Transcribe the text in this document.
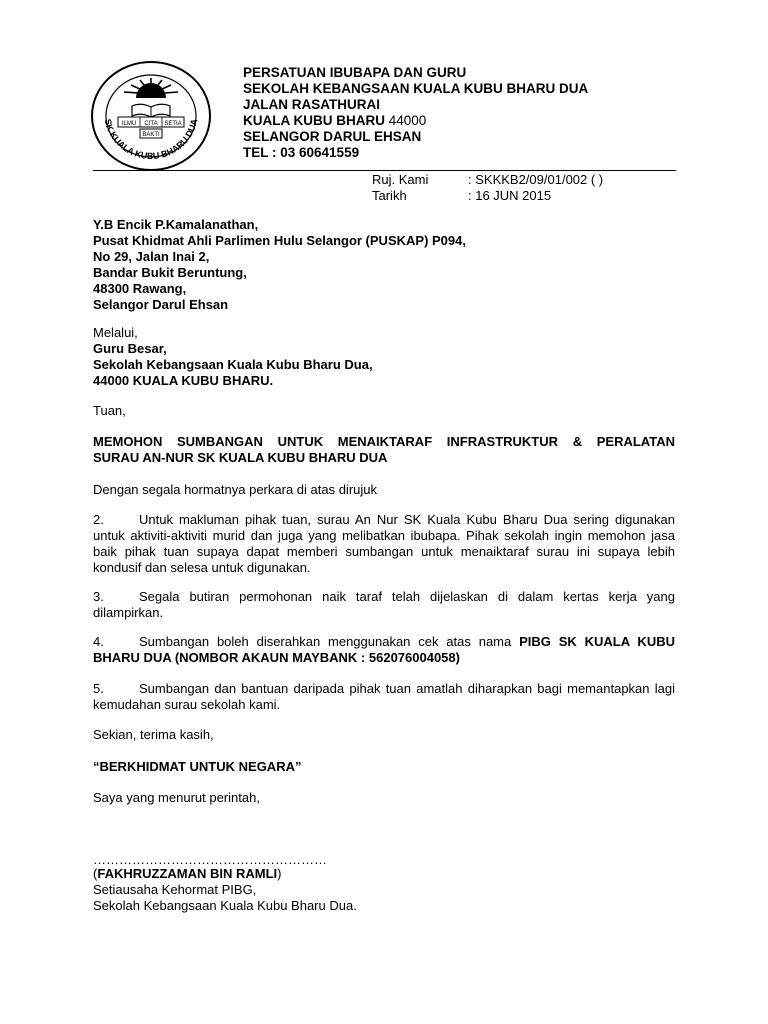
ILMU CITA SETIA
BAKTI
SK KUALA KUBU BHARU DUA
PERSATUAN IBUBAPA DAN GURU
SEKOLAH KEBANGSAAN KUALA KUBU BHARU DUA
JALAN RASATHURAI
KUALA KUBU BHARU 44000
SELANGOR DARUL EHSAN
TEL : 03 60641559
Ruj. Kami	: SKKKB2/09/01/002 ( )
Tarikh	: 16 JUN 2015
Y.B Encik P.Kamalanathan,
Pusat Khidmat Ahli Parlimen Hulu Selangor (PUSKAP) P094,
No 29, Jalan Inai 2,
Bandar Bukit Beruntung,
48300 Rawang,
Selangor Darul Ehsan
Melalui,
Guru Besar,
Sekolah Kebangsaan Kuala Kubu Bharu Dua,
44000 KUALA KUBU BHARU.
Tuan,
MEMOHON SUMBANGAN UNTUK MENAIKTARAF INFRASTRUKTUR & PERALATAN
SURAU AN-NUR SK KUALA KUBU BHARU DUA
Dengan segala hormatnya perkara di atas dirujuk
2.	Untuk makluman pihak tuan, surau An Nur SK Kuala Kubu Bharu Dua sering digunakan untuk aktiviti-aktiviti murid dan juga yang melibatkan ibubapa. Pihak sekolah ingin memohon jasa baik pihak tuan supaya dapat memberi sumbangan untuk menaiktaraf surau ini supaya lebih kondusif dan selesa untuk digunakan.
3.	Segala butiran permohonan naik taraf telah dijelaskan di dalam kertas kerja yang dilampirkan.
4.	Sumbangan boleh diserahkan menggunakan cek atas nama PIBG SK KUALA KUBU BHARU DUA (NOMBOR AKAUN MAYBANK : 562076004058)
5.	Sumbangan dan bantuan daripada pihak tuan amatlah diharapkan bagi memantapkan lagi kemudahan surau sekolah kami.
Sekian, terima kasih,
“BERKHIDMAT UNTUK NEGARA”
Saya yang menurut perintah,
………………………………………………
(FAKHRUZZAMAN BIN RAMLI)
Setiausaha Kehormat PIBG,
Sekolah Kebangsaan Kuala Kubu Bharu Dua.
